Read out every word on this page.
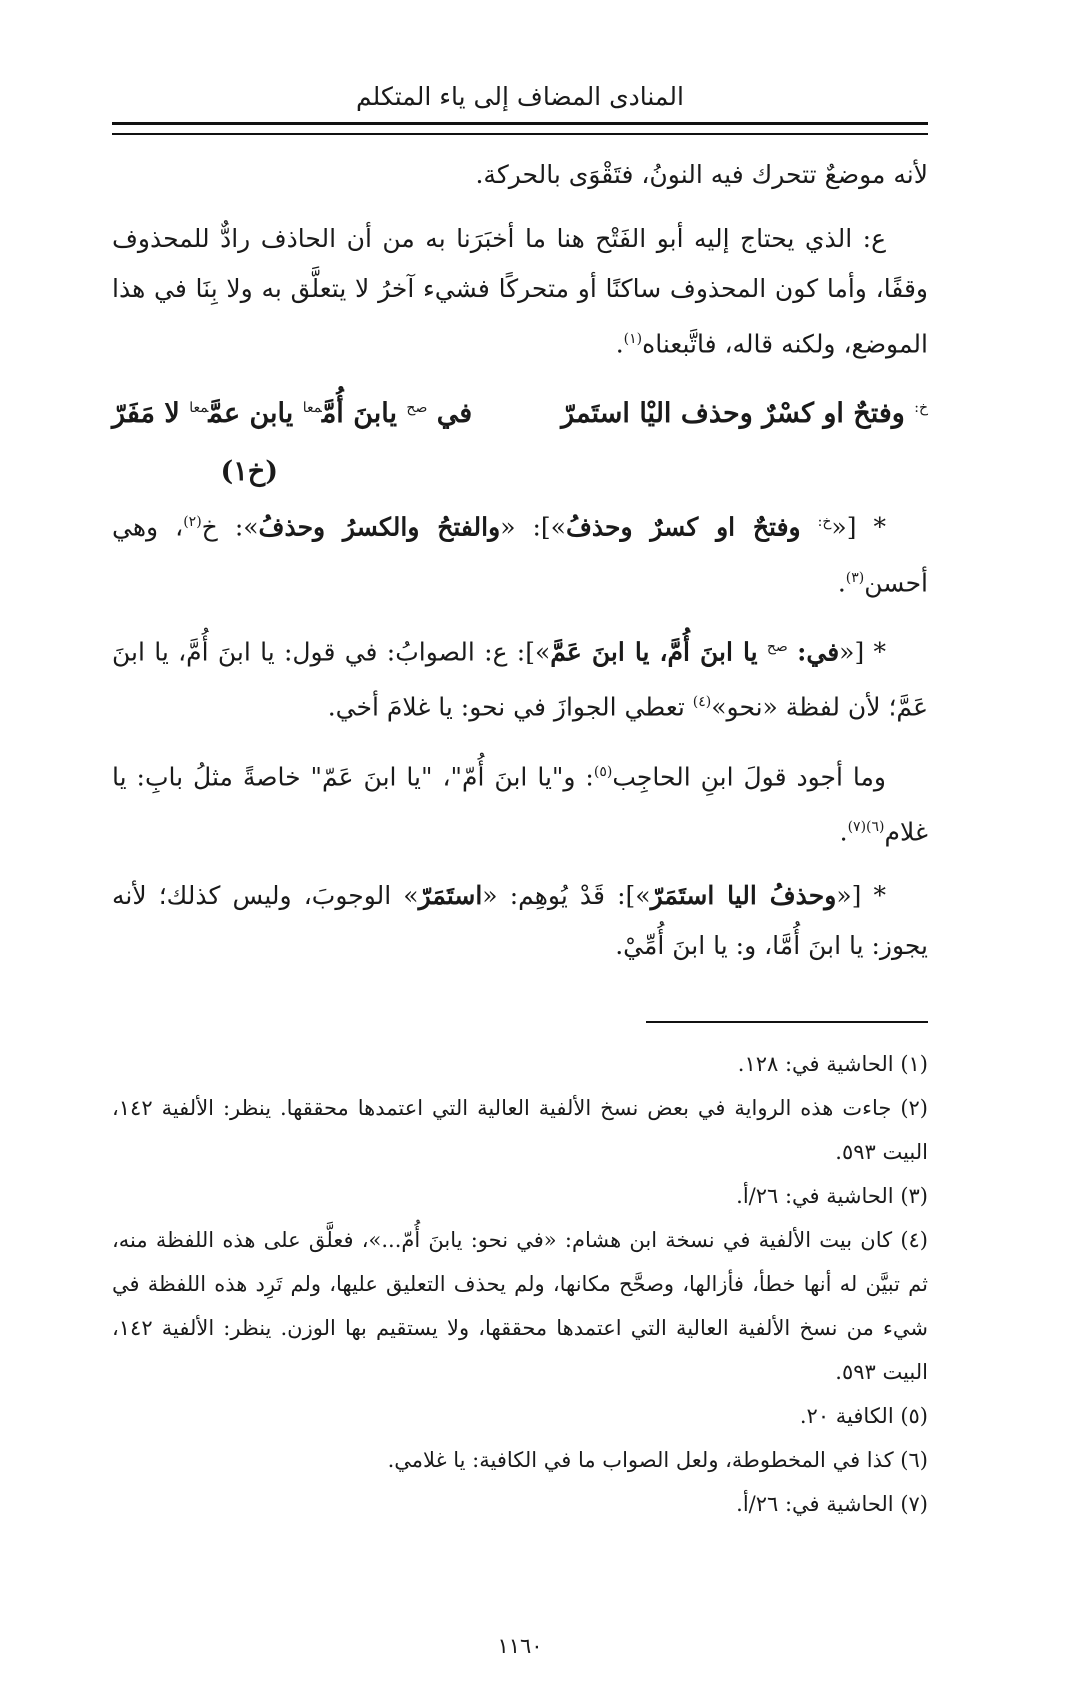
المنادى المضاف إلى ياء المتكلم

لأنه موضعٌ تتحرك فيه النونُ، فتَقْوَى بالحركة.

ع: الذي يحتاج إليه أبو الفَتْح هنا ما أخبَرَنا به من أن الحاذف رادٌّ للمحذوف وقفًا، وأما كون المحذوف ساكنًا أو متحركًا فشيء آخرُ لا يتعلَّق به ولا بِنَا في هذا الموضع، ولكنه قاله، فاتَّبعناه$^{(١)}$.

$^{خ:}$ وفتحٌ او كسْرٌ وحذف اليْا استَمرّ
في $^{صح}$ يابنَ أُمَّ$^{معا}$ يابن عمَّ$^{معا}$ لا مَفَرّ
(خ١)

* [«$^{خ:}$ وفتحٌ او كسرٌ وحذفُ»]: «والفتحُ والكسرُ وحذفُ»: خ$^{(٢)}$، وهي أحسن$^{(٣)}$.

* [«في: $^{صح}$ يا ابنَ أُمَّ، يا ابنَ عَمَّ»]: ع: الصوابُ: في قول: يا ابنَ أُمَّ، يا ابنَ عَمَّ؛ لأن لفظة «نحو»$^{(٤)}$ تعطي الجوازَ في نحو: يا غلامَ أخي.

وما أجود قولَ ابنِ الحاجِب$^{(٥)}$: و"يا ابنَ أُمّ"، "يا ابنَ عَمّ" خاصةً مثلُ بابِ: يا غلام$^{(٦)(٧)}$.

* [«وحذفُ اليا استَمَرّ»]: قَدْ يُوهِم: «استَمَرّ» الوجوبَ، وليس كذلك؛ لأنه يجوز: يا ابنَ أُمَّا، و: يا ابنَ أُمِّيْ.

(١) الحاشية في: ١٢٨.
(٢) جاءت هذه الرواية في بعض نسخ الألفية العالية التي اعتمدها محققها. ينظر: الألفية ١٤٢، البيت ٥٩٣.
(٣) الحاشية في: ٢٦/أ.
(٤) كان بيت الألفية في نسخة ابن هشام: «في نحو: يابنَ أُمّ...»، فعلَّق على هذه اللفظة منه، ثم تبيَّن له أنها خطأ، فأزالها، وصحَّح مكانها، ولم يحذف التعليق عليها، ولم تَرِد هذه اللفظة في شيء من نسخ الألفية العالية التي اعتمدها محققها، ولا يستقيم بها الوزن. ينظر: الألفية ١٤٢، البيت ٥٩٣.
(٥) الكافية ٢٠.
(٦) كذا في المخطوطة، ولعل الصواب ما في الكافية: يا غلامي.
(٧) الحاشية في: ٢٦/أ.
١١٦٠
